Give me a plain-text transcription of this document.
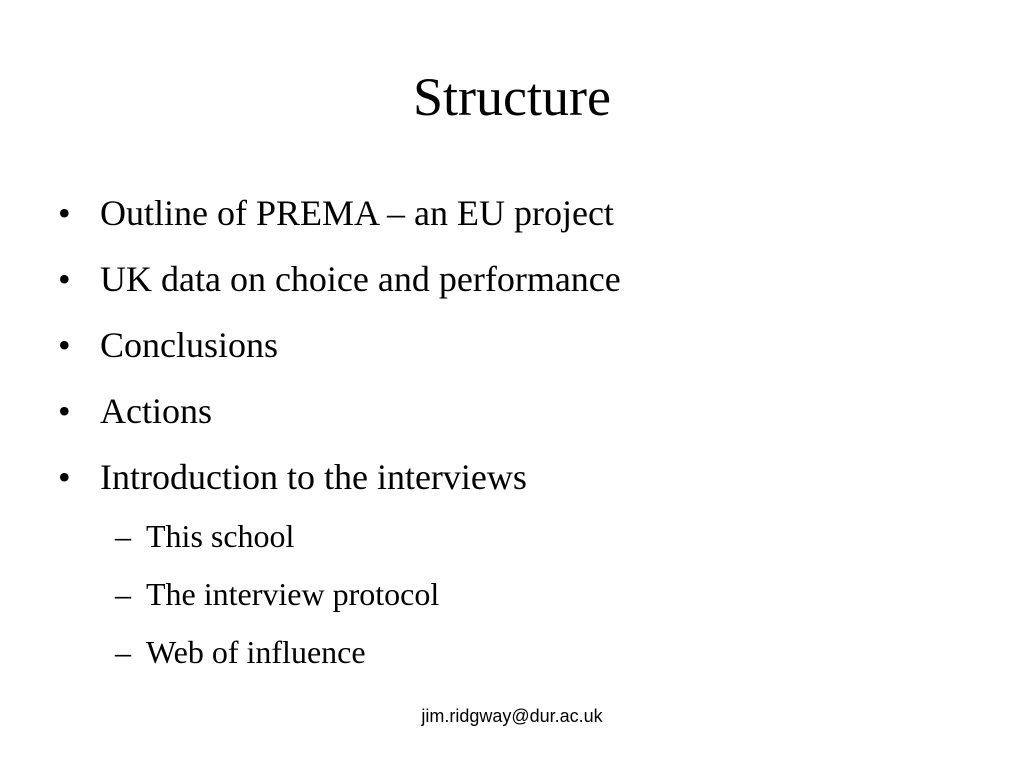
Structure
• Outline of PREMA – an EU project
• UK data on choice and performance
• Conclusions
• Actions
• Introduction to the interviews
– This school
– The interview protocol
– Web of influence
jim.ridgway@dur.ac.uk
